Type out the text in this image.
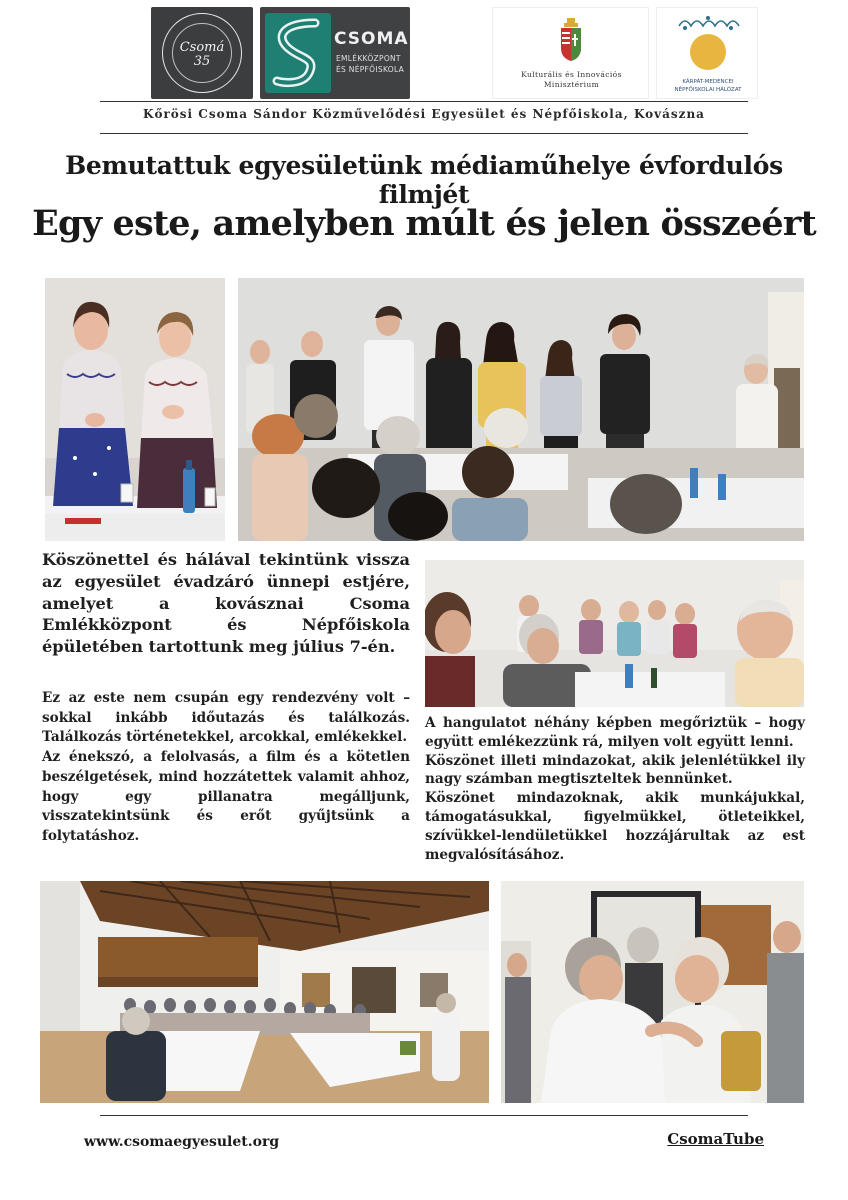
Csomá
35
CSOMA
EMLÉKKÖZPONT
ÉS NÉPFŐISKOLA
Kulturális és Innovációs
Minisztérium	KÁRPÁT-MEDENCEI
NÉPFŐISKOLAI HÁLÓZAT
Kőrösi Csoma Sándor Közművelődési Egyesület és Népfőiskola, Kovászna
Bemutattuk egyesületünk médiaműhelye évfordulós filmjét
Egy este, amelyben múlt és jelen összeért

Köszönettel és hálával tekintünk vissza az egyesület évadzáró ünnepi estjére, amelyet a kovásznai Csoma Emlékközpont és Népfőiskola épületében tartottunk meg július 7-én.

Ez az este nem csupán egy rendezvény volt – sokkal inkább időutazás és találkozás. Találkozás történetekkel, arcokkal, emlékekkel.
Az énekszó, a felolvasás, a film és a kötetlen beszélgetések, mind hozzátettek valamit ahhoz, hogy egy pillanatra megálljunk, visszatekintsünk és erőt gyűjtsünk a folytatáshoz.
A hangulatot néhány képben megőriztük – hogy együtt emlékezzünk rá, milyen volt együtt lenni.
Köszönet illeti mindazokat, akik jelenlétükkel ily nagy számban megtiszteltek bennünket.
Köszönet mindazoknak, akik munkájukkal, támogatásukkal, figyelmükkel, ötleteikkel, szívükkel-lendületükkel hozzájárultak az est megvalósításához.
www.csomaegyesulet.org	CsomaTube
